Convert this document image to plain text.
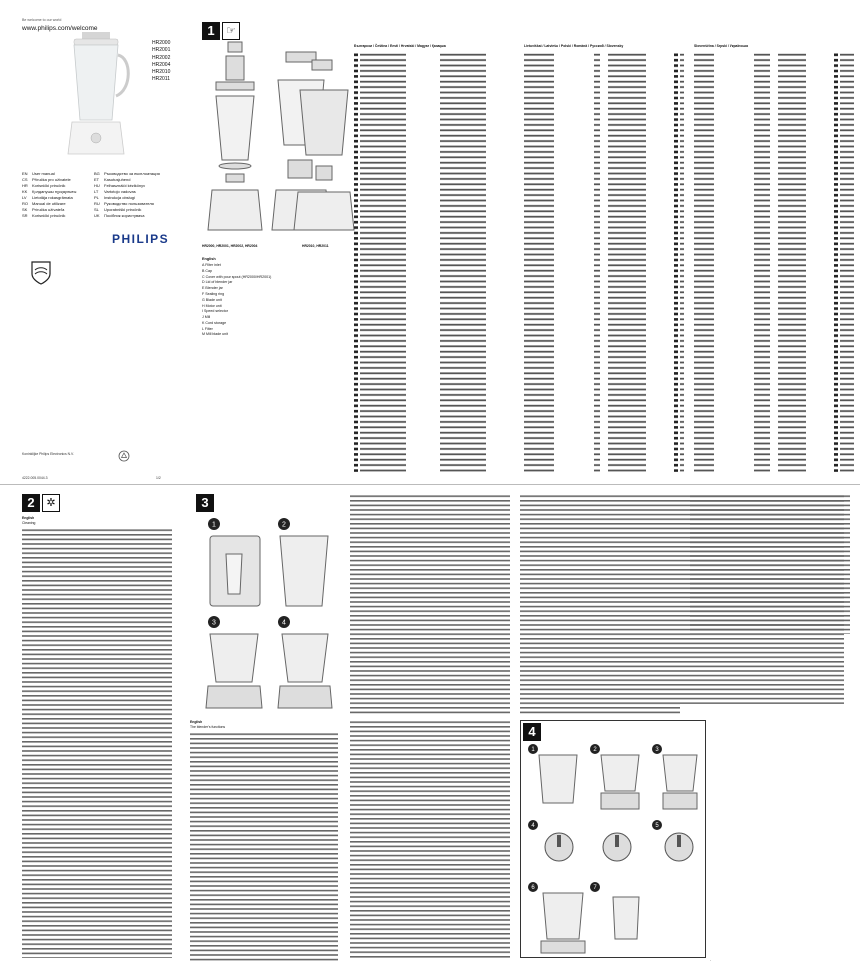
Be welcome to our world
www.philips.com/welcome
HR2000
HR2001
HR2002
HR2004
HR2010
HR2011
EN	User manual	BG	Ръководство за експлоатация
CS	Příručka pro uživatele	ET	Kasutusjuhend
HR	Korisnički priručnik	HU	Felhasználói kézikönyv
KK	Қолданушы нұсқаулығы	LT	Vartotojo vadovas
LV	Lietotāja rokasgrāmata	PL	Instrukcja obsługi
RO	Manual de utilizare	RU	Руководство пользователя
SK	Príručka užívateľa	SL	Uporabniški priročnik
SR	Korisnički priručnik	UK	Посібник користувача
PHILIPS
Koninklijke Philips Electronics N.V.
4222.005.0044.3	1/2
1	☞
HR2000, HR2001, HR2002, HR2004	HR2010, HR2011
English

A Filter inlet

B Cap

C Cover with pour spout (HR2000/HR2001)

D Lid of blender jar

E Blender jar

F Sealing ring

G Blade unit

H Motor unit

I Speed selector

J Mill

K Cord storage

L Filter

M Mill blade unit

Български / Čeština / Eesti / Hrvatski / Magyar / Қазақша	Lietuviškai / Latviešu / Polski / Română / Русский / Slovensky	Slovenščina / Srpski / Українська
2	✲
English
Cleaning
3
1	2
3	4
English
The blender’s functions	4
1	2	3
4	5
6	7
